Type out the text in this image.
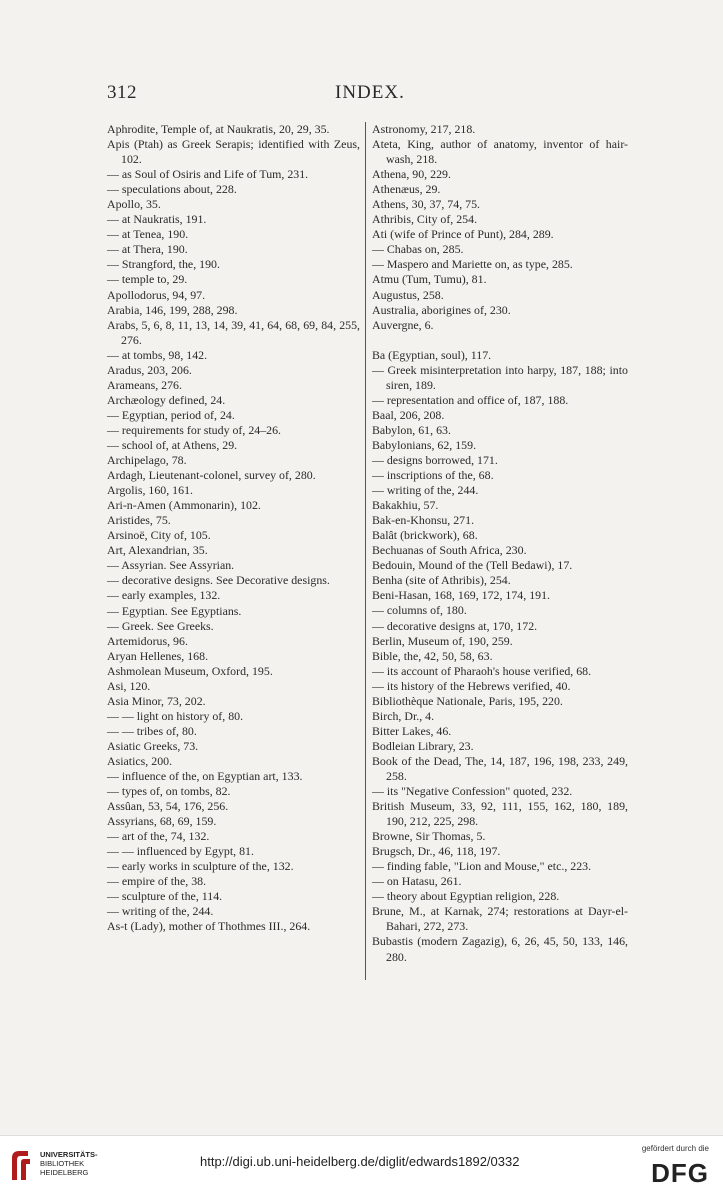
312	INDEX.
Aphrodite, Temple of, at Naukratis, 20, 29, 35.
Apis (Ptah) as Greek Serapis; identified with Zeus, 102.
— as Soul of Osiris and Life of Tum, 231.
— speculations about, 228.
Apollo, 35.
— at Naukratis, 191.
— at Tenea, 190.
— at Thera, 190.
— Strangford, the, 190.
— temple to, 29.
Apollodorus, 94, 97.
Arabia, 146, 199, 288, 298.
Arabs, 5, 6, 8, 11, 13, 14, 39, 41, 64, 68, 69, 84, 255, 276.
— at tombs, 98, 142.
Aradus, 203, 206.
Arameans, 276.
Archæology defined, 24.
— Egyptian, period of, 24.
— requirements for study of, 24–26.
— school of, at Athens, 29.
Archipelago, 78.
Ardagh, Lieutenant-colonel, survey of, 280.
Argolis, 160, 161.
Ari-n-Amen (Ammonarin), 102.
Aristides, 75.
Arsinoë, City of, 105.
Art, Alexandrian, 35.
— Assyrian. See Assyrian.
— decorative designs. See Decorative designs.
— early examples, 132.
— Egyptian. See Egyptians.
— Greek. See Greeks.
Artemidorus, 96.
Aryan Hellenes, 168.
Ashmolean Museum, Oxford, 195.
Asi, 120.
Asia Minor, 73, 202.
— — light on history of, 80.
— — tribes of, 80.
Asiatic Greeks, 73.
Asiatics, 200.
— influence of the, on Egyptian art, 133.
— types of, on tombs, 82.
Assûan, 53, 54, 176, 256.
Assyrians, 68, 69, 159.
— art of the, 74, 132.
— — influenced by Egypt, 81.
— early works in sculpture of the, 132.
— empire of the, 38.
— sculpture of the, 114.
— writing of the, 244.
As-t (Lady), mother of Thothmes III., 264.
Astronomy, 217, 218.
Ateta, King, author of anatomy, inventor of hair-wash, 218.
Athena, 90, 229.
Athenæus, 29.
Athens, 30, 37, 74, 75.
Athribis, City of, 254.
Ati (wife of Prince of Punt), 284, 289.
— Chabas on, 285.
— Maspero and Mariette on, as type, 285.
Atmu (Tum, Tumu), 81.
Augustus, 258.
Australia, aborigines of, 230.
Auvergne, 6.
Ba (Egyptian, soul), 117.
— Greek misinterpretation into harpy, 187, 188; into siren, 189.
— representation and office of, 187, 188.
Baal, 206, 208.
Babylon, 61, 63.
Babylonians, 62, 159.
— designs borrowed, 171.
— inscriptions of the, 68.
— writing of the, 244.
Bakakhiu, 57.
Bak-en-Khonsu, 271.
Balât (brickwork), 68.
Bechuanas of South Africa, 230.
Bedouin, Mound of the (Tell Bedawi), 17.
Benha (site of Athribis), 254.
Beni-Hasan, 168, 169, 172, 174, 191.
— columns of, 180.
— decorative designs at, 170, 172.
Berlin, Museum of, 190, 259.
Bible, the, 42, 50, 58, 63.
— its account of Pharaoh's house verified, 68.
— its history of the Hebrews verified, 40.
Bibliothèque Nationale, Paris, 195, 220.
Birch, Dr., 4.
Bitter Lakes, 46.
Bodleian Library, 23.
Book of the Dead, The, 14, 187, 196, 198, 233, 249, 258.
— its "Negative Confession" quoted, 232.
British Museum, 33, 92, 111, 155, 162, 180, 189, 190, 212, 225, 298.
Browne, Sir Thomas, 5.
Brugsch, Dr., 46, 118, 197.
— finding fable, "Lion and Mouse," etc., 223.
— on Hatasu, 261.
— theory about Egyptian religion, 228.
Brune, M., at Karnak, 274; restorations at Dayr-el-Bahari, 272, 273.
Bubastis (modern Zagazig), 6, 26, 45, 50, 133, 146, 280.
UNIVERSITÄTS-
BIBLIOTHEK
HEIDELBERG
http://digi.ub.uni-heidelberg.de/diglit/edwards1892/0332
gefördert durch die
DFG
